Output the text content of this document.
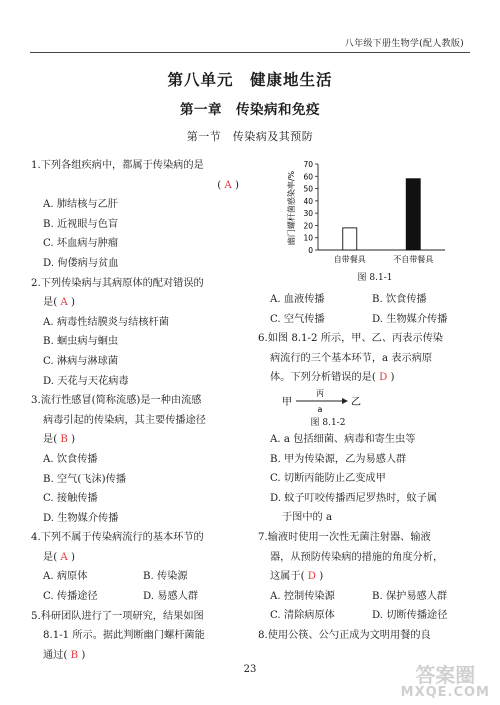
八年级下册生物学(配人教版)
第八单元　健康地生活
第一章　传染病和免疫
第一节　传染病及其预防
1.下列各组疾病中，都属于传染病的是
( A )
A. 肺结核与乙肝
B. 近视眼与色盲
C. 坏血病与肿瘤
D. 佝偻病与贫血
2.下列传染病与其病原体的配对错误的
是( A )
A. 病毒性结膜炎与结核杆菌
B. 蛔虫病与蛔虫
C. 淋病与淋球菌
D. 天花与天花病毒
3.流行性感冒(简称流感)是一种由流感
病毒引起的传染病，其主要传播途径
是( B )
A. 饮食传播
B. 空气(飞沫)传播
C. 接触传播
D. 生物媒介传播
4.下列不属于传染病流行的基本环节的
是( A )
A. 病原体	B. 传染源
C. 传播途径	D. 易感人群
5.科研团队进行了一项研究，结果如图
8.1-1 所示。据此判断幽门螺杆菌能
通过( B )
幽门螺杆菌感染率/%
0
10
20
30
40
50
60
70
自带餐具	不自带餐具
图 8.1-1
A. 血液传播	B. 饮食传播
C. 空气传播	D. 生物媒介传播
6.如图 8.1-2 所示，甲、乙、丙表示传染
病流行的三个基本环节，a 表示病原
体。下列分析错误的是( D )
甲
丙
a
乙
图 8.1-2
A. a 包括细菌、病毒和寄生虫等
B. 甲为传染源，乙为易感人群
C. 切断丙能防止乙变成甲
D. 蚊子叮咬传播西尼罗热时，蚊子属
于图中的 a
7.输液时使用一次性无菌注射器、输液
器，从预防传染病的措施的角度分析，
这属于( D )
A. 控制传染源	B. 保护易感人群
C. 清除病原体	D. 切断传播途径
8.使用公筷、公勺正成为文明用餐的良
23	答案圈
MXQE.COM
